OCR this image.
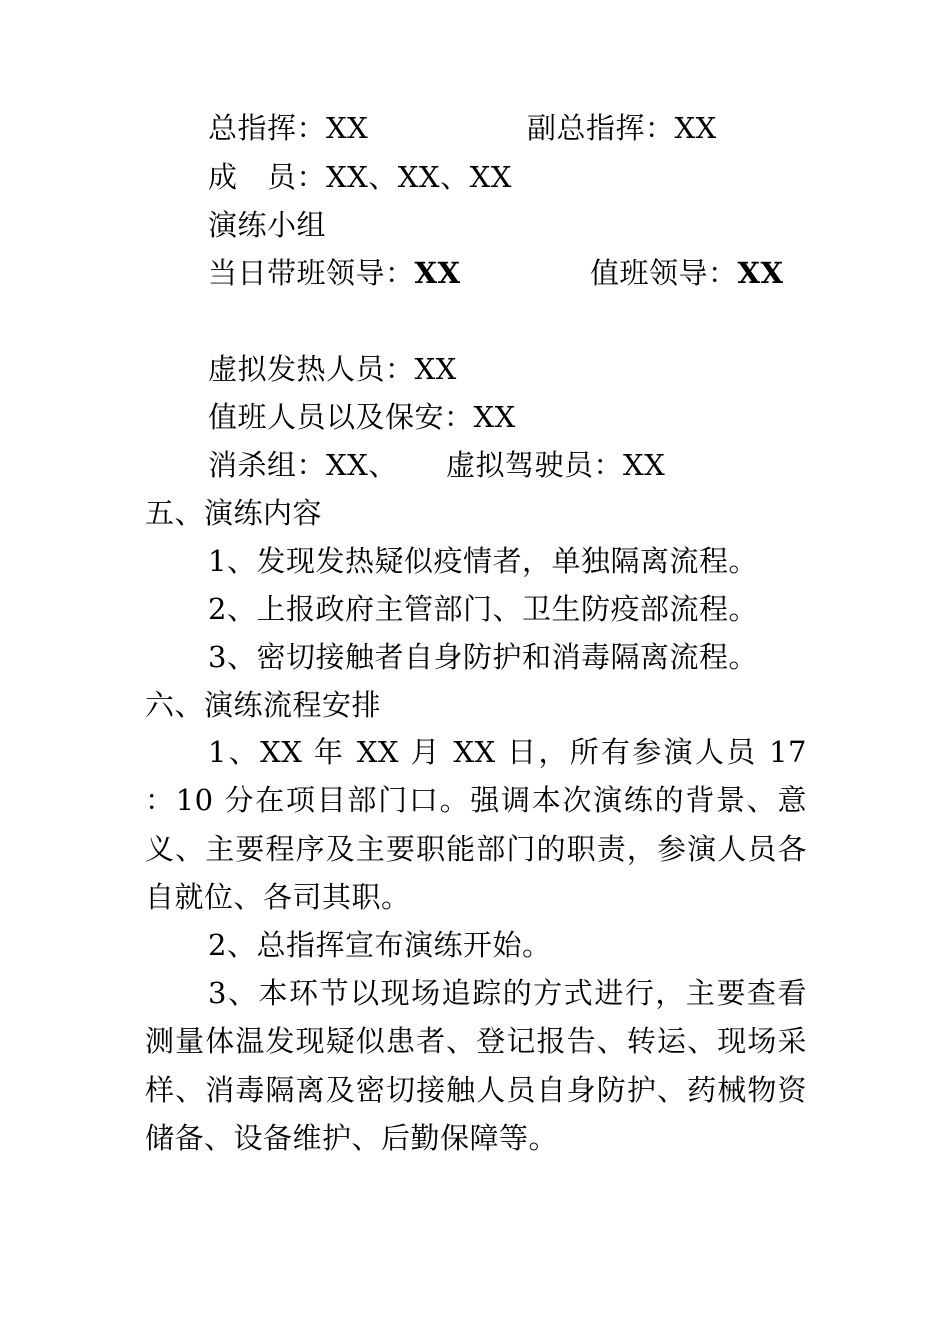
总指挥：XX	副总指挥：XX
成　员：XX、XX、XX
演练小组
当日带班领导：XX	值班领导：XX
虚拟发热人员：XX
值班人员以及保安：XX
消杀组：XX、 虚拟驾驶员：XX
五、演练内容
1、发现发热疑似疫情者，单独隔离流程。
2、上报政府主管部门、卫生防疫部流程。
3、密切接触者自身防护和消毒隔离流程。
六、演练流程安排
1、XX 年 XX 月 XX 日，所有参演人员 17 ：10 分在项目部门口。强调本次演练的背景、意义、主要程序及主要职能部门的职责，参演人员各自就位、各司其职。
2、总指挥宣布演练开始。
3、本环节以现场追踪的方式进行，主要查看测量体温发现疑似患者、登记报告、转运、现场采样、消毒隔离及密切接触人员自身防护、药械物资储备、设备维护、后勤保障等。
